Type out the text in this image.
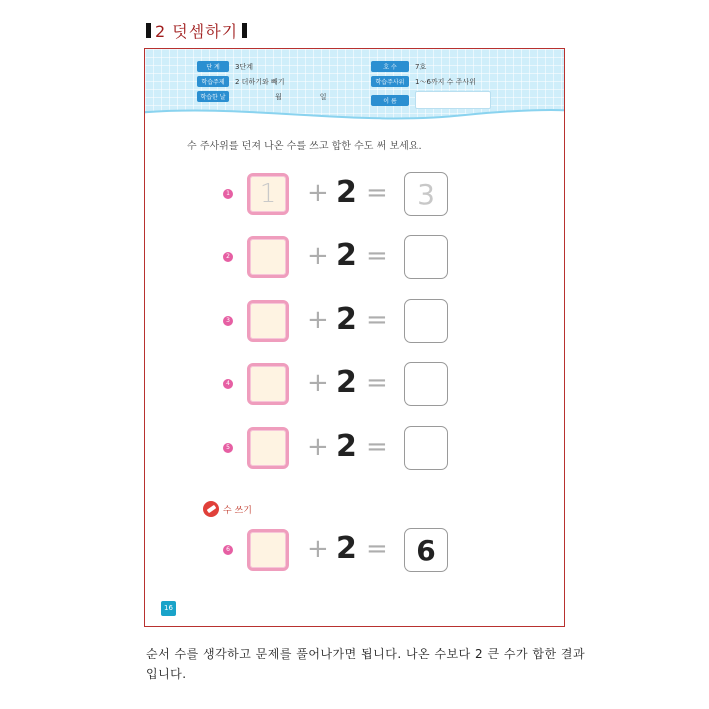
2 덧셈하기
단 계	3단계
학습주제	2 더하기와 빼기
학습한 날	월	일
호 수	7호
학습주사위	1～6까지 수 주사위
이 름
수 주사위를 던져 나온 수를 쓰고 합한 수도 써 보세요.
1	1	+ 2 =	3
2	+ 2 =
3	+ 2 =
4	+ 2 =
5	+ 2 =
수 쓰기
6	+ 2 =	6
16
순서 수를 생각하고 문제를 풀어나가면 됩니다. 나온 수보다 2 큰 수가 합한 결과입니다.
